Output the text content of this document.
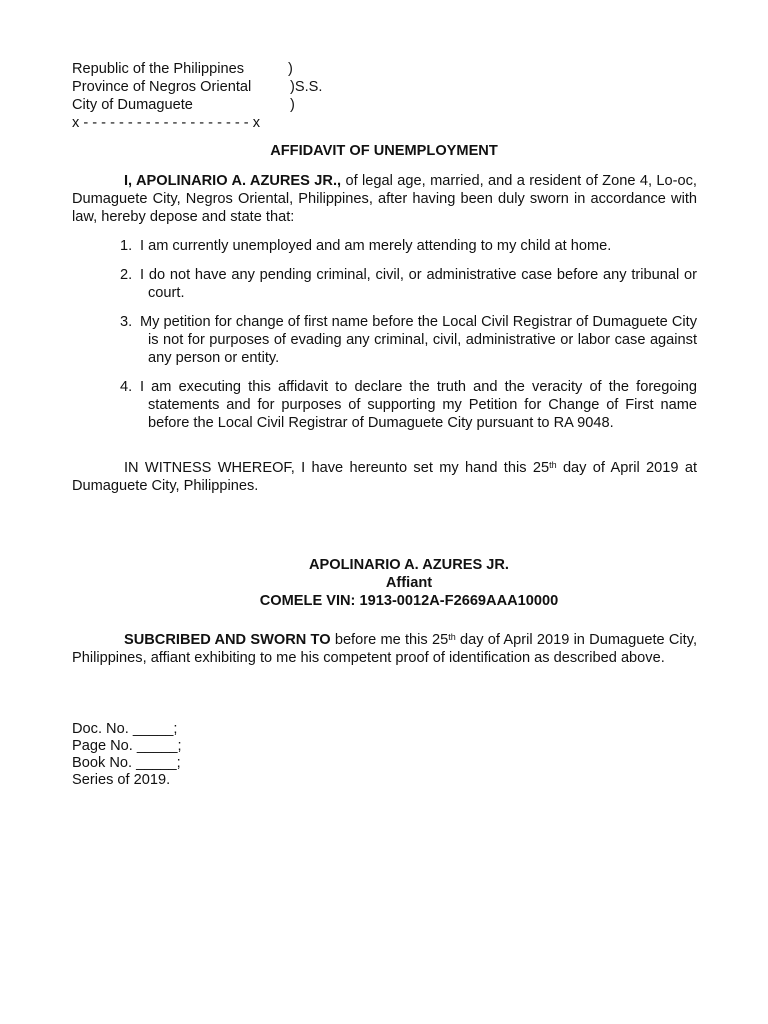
Republic of the Philippines	)
Province of Negros Oriental	)S.S.
City of Dumaguete	)
x - - - - - - - - - - - - - - - - - - - x
AFFIDAVIT OF UNEMPLOYMENT

I, APOLINARIO A. AZURES JR., of legal age, married, and a resident of Zone 4, Lo-oc, Dumaguete City, Negros Oriental, Philippines, after having been duly sworn in accordance with law, hereby depose and state that:

1. I am currently unemployed and am merely attending to my child at home.
2. I do not have any pending criminal, civil, or administrative case before any tribunal or court.
3. My petition for change of first name before the Local Civil Registrar of Dumaguete City is not for purposes of evading any criminal, civil, administrative or labor case against any person or entity.
4. I am executing this affidavit to declare the truth and the veracity of the foregoing statements and for purposes of supporting my Petition for Change of First name before the Local Civil Registrar of Dumaguete City pursuant to RA 9048.

IN WITNESS WHEREOF, I have hereunto set my hand this 25th day of April 2019 at Dumaguete City, Philippines.

APOLINARIO A. AZURES JR.
Affiant
COMELE VIN: 1913-0012A-F2669AAA10000

SUBCRIBED AND SWORN TO before me this 25th day of April 2019 in Dumaguete City, Philippines, affiant exhibiting to me his competent proof of identification as described above.

Doc. No. _____;
Page No. _____;
Book No. _____;
Series of 2019.
